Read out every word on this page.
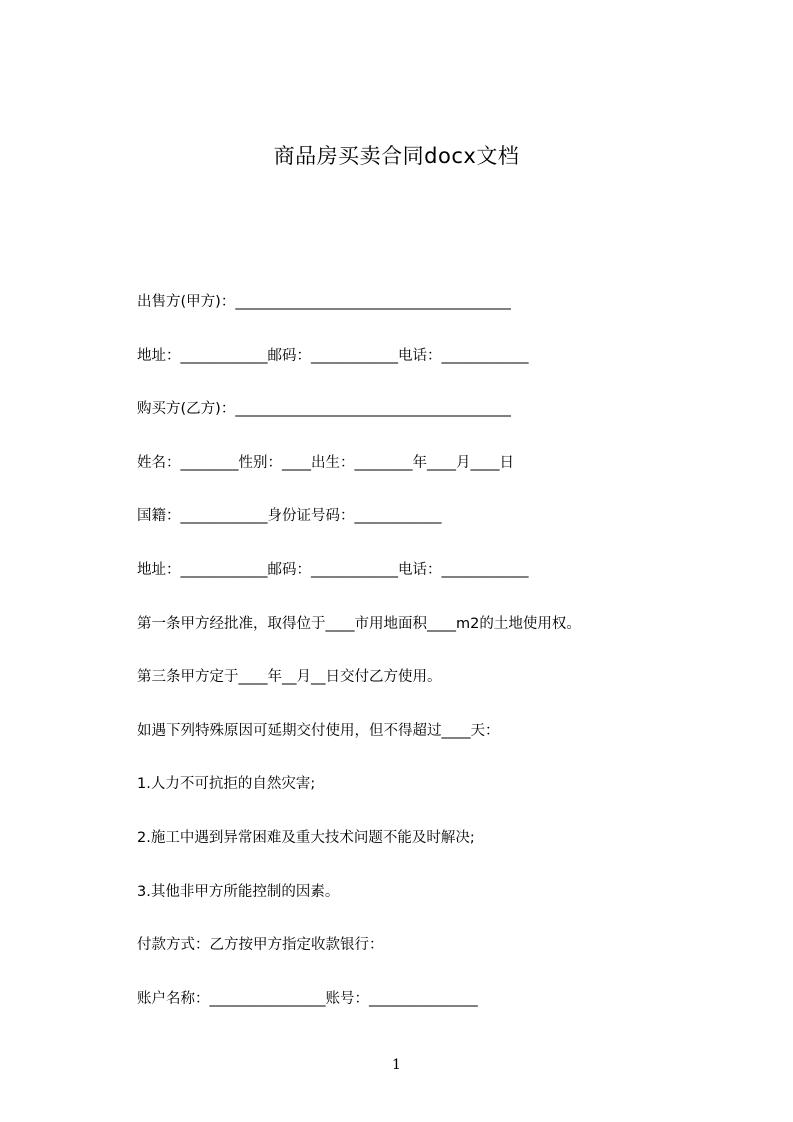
商品房买卖合同docx文档
出售方(甲方)：______________________________________
地址：____________邮码：____________电话：____________
购买方(乙方)：______________________________________
姓名：________性别：____出生：________年____月____日
国籍：____________身份证号码：____________
地址：____________邮码：____________电话：____________
第一条甲方经批准，取得位于____市用地面积____m2的土地使用权。
第三条甲方定于____年__月__日交付乙方使用。
如遇下列特殊原因可延期交付使用，但不得超过____天：
1.人力不可抗拒的自然灾害;
2.施工中遇到异常困难及重大技术问题不能及时解决;
3.其他非甲方所能控制的因素。
付款方式：乙方按甲方指定收款银行：
账户名称：________________账号：_______________
1
